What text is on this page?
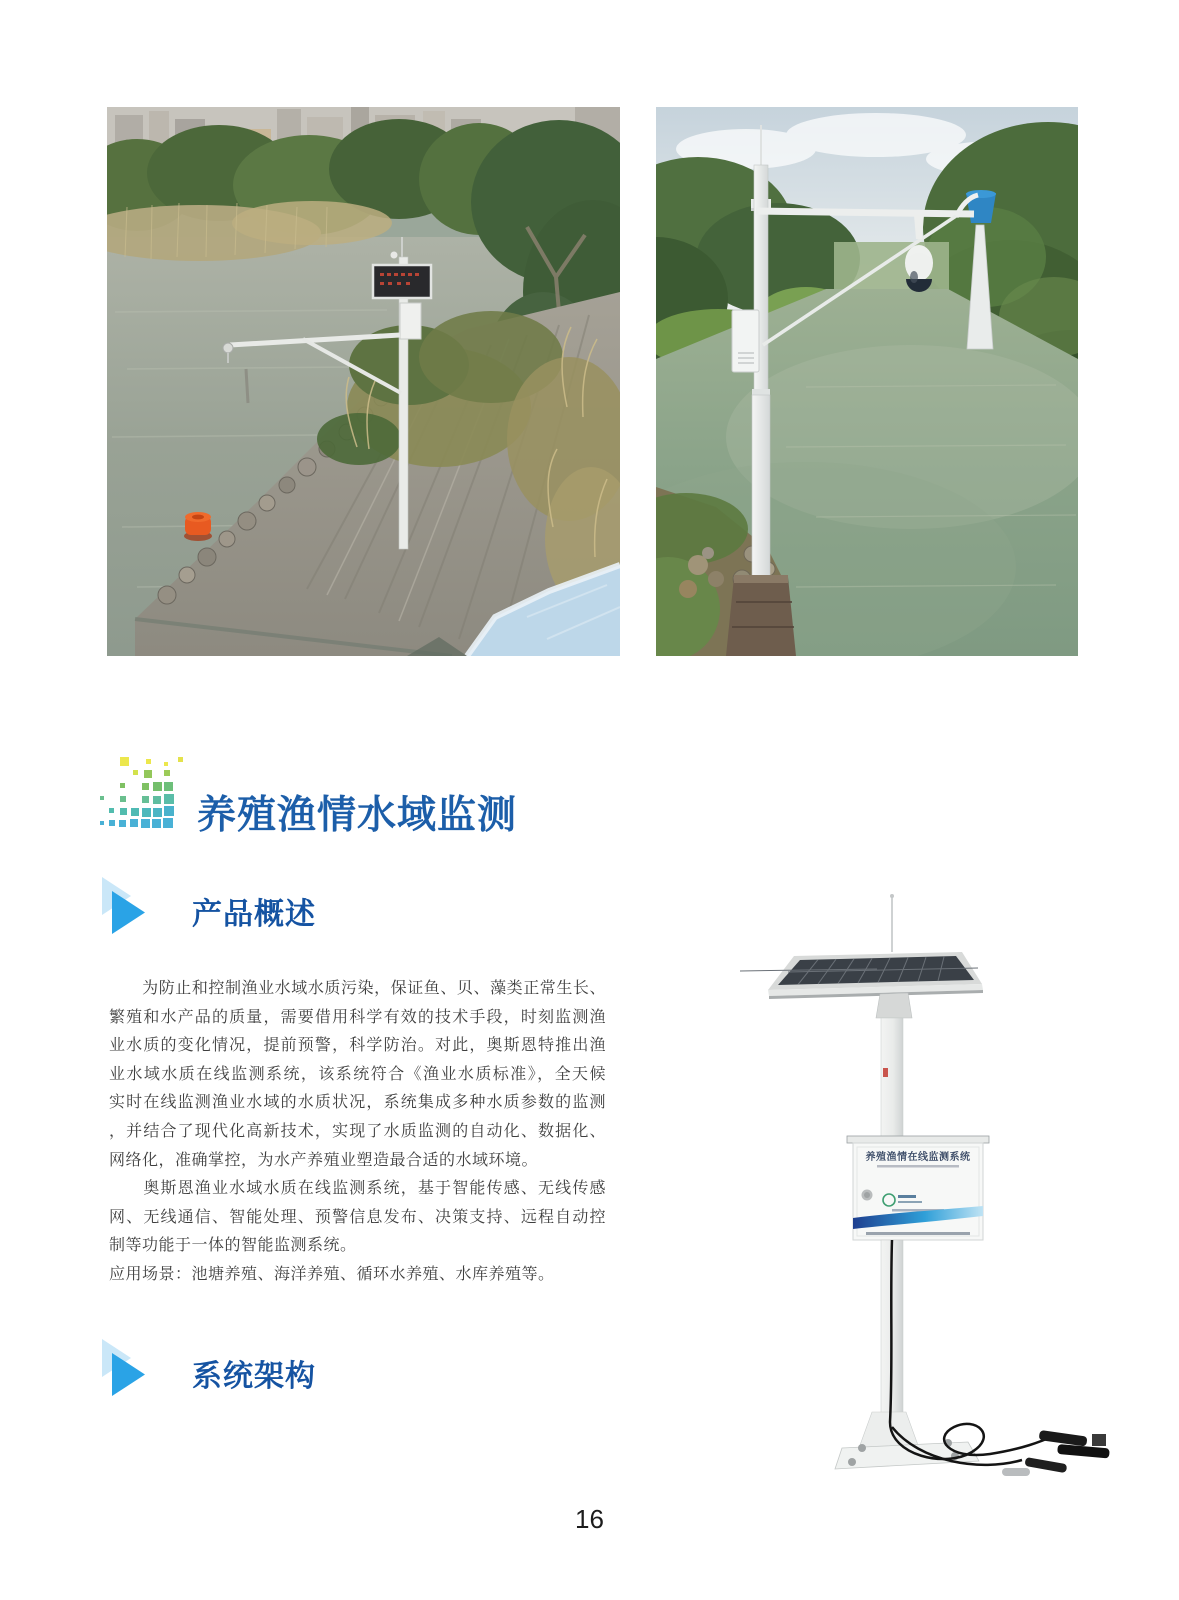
养殖渔情水域监测
产品概述
　　为防止和控制渔业水域水质污染，保证鱼、贝、藻类正常生长、
繁殖和水产品的质量，需要借用科学有效的技术手段，时刻监测渔
业水质的变化情况，提前预警，科学防治。对此，奥斯恩特推出渔
业水域水质在线监测系统，该系统符合《渔业水质标准》，全天候
实时在线监测渔业水域的水质状况，系统集成多种水质参数的监测
，并结合了现代化高新技术，实现了水质监测的自动化、数据化、
网络化，准确掌控，为水产养殖业塑造最合适的水域环境。
　　奥斯恩渔业水域水质在线监测系统，基于智能传感、无线传感
网、无线通信、智能处理、预警信息发布、决策支持、远程自动控
制等功能于一体的智能监测系统。
应用场景：池塘养殖、海洋养殖、循环水养殖、水库养殖等。
养殖渔情在线监测系统
系统架构
16
